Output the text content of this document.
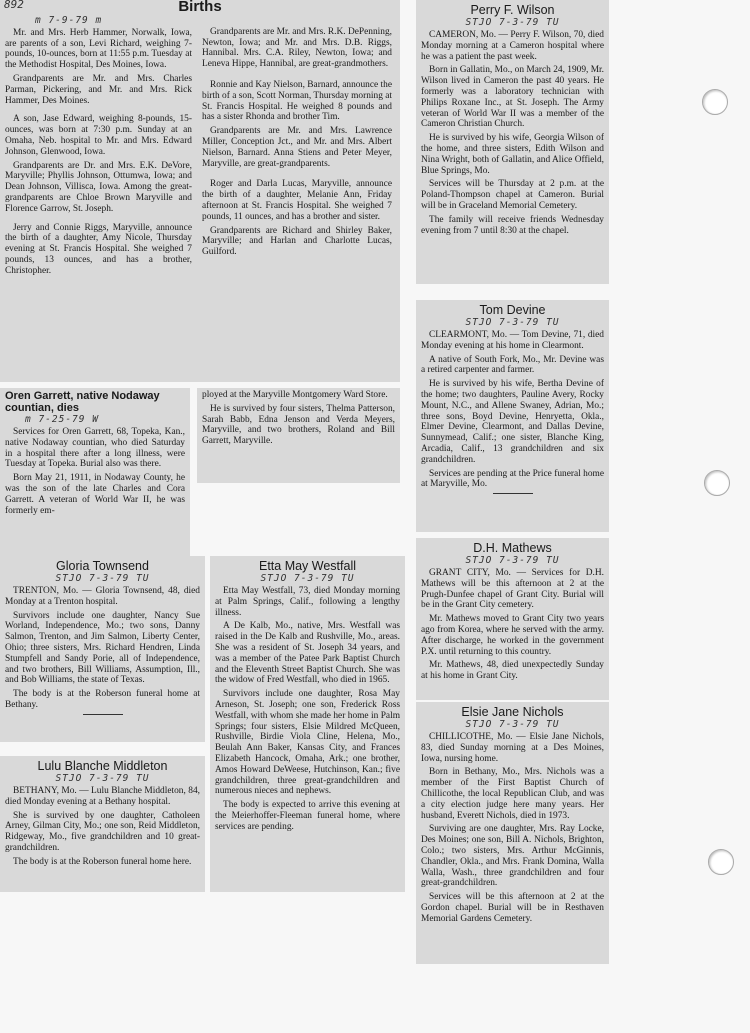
892	Births
m 7-9-79 m

Mr. and Mrs. Herb Hammer, Norwalk, Iowa, are parents of a son, Levi Richard, weighing 7-pounds, 10-ounces, born at 11:55 p.m. Tuesday at the Methodist Hospital, Des Moines, Iowa.

Grandparents are Mr. and Mrs. Charles Parman, Pickering, and Mr. and Mrs. Rick Hammer, Des Moines.

A son, Jase Edward, weighing 8-pounds, 15-ounces, was born at 7:30 p.m. Sunday at an Omaha, Neb. hospital to Mr. and Mrs. Edward Johnson, Glenwood, Iowa.

Grandparents are Dr. and Mrs. E.K. DeVore, Maryville; Phyllis Johnson, Ottumwa, Iowa; and Dean Johnson, Villisca, Iowa. Among the great-grandparents are Chloe Brown Maryville and Florence Garrow, St. Joseph.

Jerry and Connie Riggs, Maryville, announce the birth of a daughter, Amy Nicole, Thursday evening at St. Francis Hospital. She weighed 7 pounds, 13 ounces, and has a brother, Christopher.

Grandparents are Mr. and Mrs. R.K. DePenning, Newton, Iowa; and Mr. and Mrs. D.B. Riggs, Hannibal. Mrs. C.A. Riley, Newton, Iowa; and Leneva Hippe, Hannibal, are great-grandmothers.

Ronnie and Kay Nielson, Barnard, announce the birth of a son, Scott Norman, Thursday morning at St. Francis Hospital. He weighed 8 pounds and has a sister Rhonda and brother Tim.

Grandparents are Mr. and Mrs. Lawrence Miller, Conception Jct., and Mr. and Mrs. Albert Nielson, Barnard. Anna Stiens and Peter Meyer, Maryville, are great-grandparents.

Roger and Darla Lucas, Maryville, announce the birth of a daughter, Melanie Ann, Friday afternoon at St. Francis Hospital. She weighed 7 pounds, 11 ounces, and has a brother and sister.

Grandparents are Richard and Shirley Baker, Maryville; and Harlan and Charlotte Lucas, Guilford.

Oren Garrett, native Nodaway countian, dies
m 7-25-79 W

Services for Oren Garrett, 68, Topeka, Kan., native Nodaway countian, who died Saturday in a hospital there after a long illness, were Tuesday at Topeka. Burial also was there.

Born May 21, 1911, in Nodaway County, he was the son of the late Charles and Cora Garrett. A veteran of World War II, he was formerly em-

ployed at the Maryville Montgomery Ward Store.

He is survived by four sisters, Thelma Patterson, Sarah Babb, Edna Jenson and Verda Meyers, Maryville, and two brothers, Roland and Bill Garrett, Maryville.

Gloria Townsend
STJO 7-3-79 TU

TRENTON, Mo. — Gloria Townsend, 48, died Monday at a Trenton hospital.

Survivors include one daughter, Nancy Sue Worland, Independence, Mo.; two sons, Danny Salmon, Trenton, and Jim Salmon, Liberty Center, Ohio; three sisters, Mrs. Richard Hendren, Linda Stumpfell and Sandy Porie, all of Independence, and two brothers, Bill Williams, Assumption, Ill., and Bob Williams, the state of Texas.

The body is at the Roberson funeral home at Bethany.

Lulu Blanche Middleton
STJO 7-3-79 TU

BETHANY, Mo. — Lulu Blanche Middleton, 84, died Monday evening at a Bethany hospital.

She is survived by one daughter, Catholeen Arney, Gilman City, Mo.; one son, Reid Middleton, Ridgeway, Mo., five grandchildren and 10 great-grandchildren.

The body is at the Roberson funeral home here.

Etta May Westfall
STJO 7-3-79 TU

Etta May Westfall, 73, died Monday morning at Palm Springs, Calif., following a lengthy illness.

A De Kalb, Mo., native, Mrs. Westfall was raised in the De Kalb and Rushville, Mo., areas. She was a resident of St. Joseph 34 years, and was a member of the Patee Park Baptist Church and the Eleventh Street Baptist Church. She was the widow of Fred Westfall, who died in 1965.

Survivors include one daughter, Rosa May Arneson, St. Joseph; one son, Frederick Ross Westfall, with whom she made her home in Palm Springs; four sisters, Elsie Mildred McQueen, Rushville, Birdie Viola Cline, Helena, Mo., Beulah Ann Baker, Kansas City, and Frances Elizabeth Hancock, Omaha, Ark.; one brother, Amos Howard DeWeese, Hutchinson, Kan.; five grandchildren, three great-grandchildren and numerous nieces and nephews.

The body is expected to arrive this evening at the Meierhoffer-Fleeman funeral home, where services are pending.

Perry F. Wilson
STJO 7-3-79 TU

CAMERON, Mo. — Perry F. Wilson, 70, died Monday morning at a Cameron hospital where he was a patient the past week.

Born in Gallatin, Mo., on March 24, 1909, Mr. Wilson lived in Cameron the past 40 years. He formerly was a laboratory technician with Philips Roxane Inc., at St. Joseph. The Army veteran of World War II was a member of the Cameron Christian Church.

He is survived by his wife, Georgia Wilson of the home, and three sisters, Edith Wilson and Nina Wright, both of Gallatin, and Alice Offield, Blue Springs, Mo.

Services will be Thursday at 2 p.m. at the Poland-Thompson chapel at Cameron. Burial will be in Graceland Memorial Cemetery.

The family will receive friends Wednesday evening from 7 until 8:30 at the chapel.

Tom Devine
STJO 7-3-79 TU

CLEARMONT, Mo. — Tom Devine, 71, died Monday evening at his home in Clearmont.

A native of South Fork, Mo., Mr. Devine was a retired carpenter and farmer.

He is survived by his wife, Bertha Devine of the home; two daughters, Pauline Avery, Rocky Mount, N.C., and Allene Swaney, Adrian, Mo.; three sons, Boyd Devine, Henryetta, Okla., Elmer Devine, Clearmont, and Dallas Devine, Sunnymead, Calif.; one sister, Blanche King, Arcadia, Calif., 13 grandchildren and six grandchildren.

Services are pending at the Price funeral home at Maryville, Mo.

D.H. Mathews
STJO 7-3-79 TU

GRANT CITY, Mo. — Services for D.H. Mathews will be this afternoon at 2 at the Prugh-Dunfee chapel of Grant City. Burial will be in the Grant City cemetery.

Mr. Mathews moved to Grant City two years ago from Korea, where he served with the army. After discharge, he worked in the government P.X. until returning to this country.

Mr. Mathews, 48, died unexpectedly Sunday at his home in Grant City.

Elsie Jane Nichols
STJO 7-3-79 TU

CHILLICOTHE, Mo. — Elsie Jane Nichols, 83, died Sunday morning at a Des Moines, Iowa, nursing home.

Born in Bethany, Mo., Mrs. Nichols was a member of the First Baptist Church of Chillicothe, the local Republican Club, and was a city election judge here many years. Her husband, Everett Nichols, died in 1973.

Surviving are one daughter, Mrs. Ray Locke, Des Moines; one son, Bill A. Nichols, Brighton, Colo.; two sisters, Mrs. Arthur McGinnis, Chandler, Okla., and Mrs. Frank Domina, Walla Walla, Wash., three grandchildren and four great-grandchildren.

Services will be this afternoon at 2 at the Gordon chapel. Burial will be in Resthaven Memorial Gardens Cemetery.
